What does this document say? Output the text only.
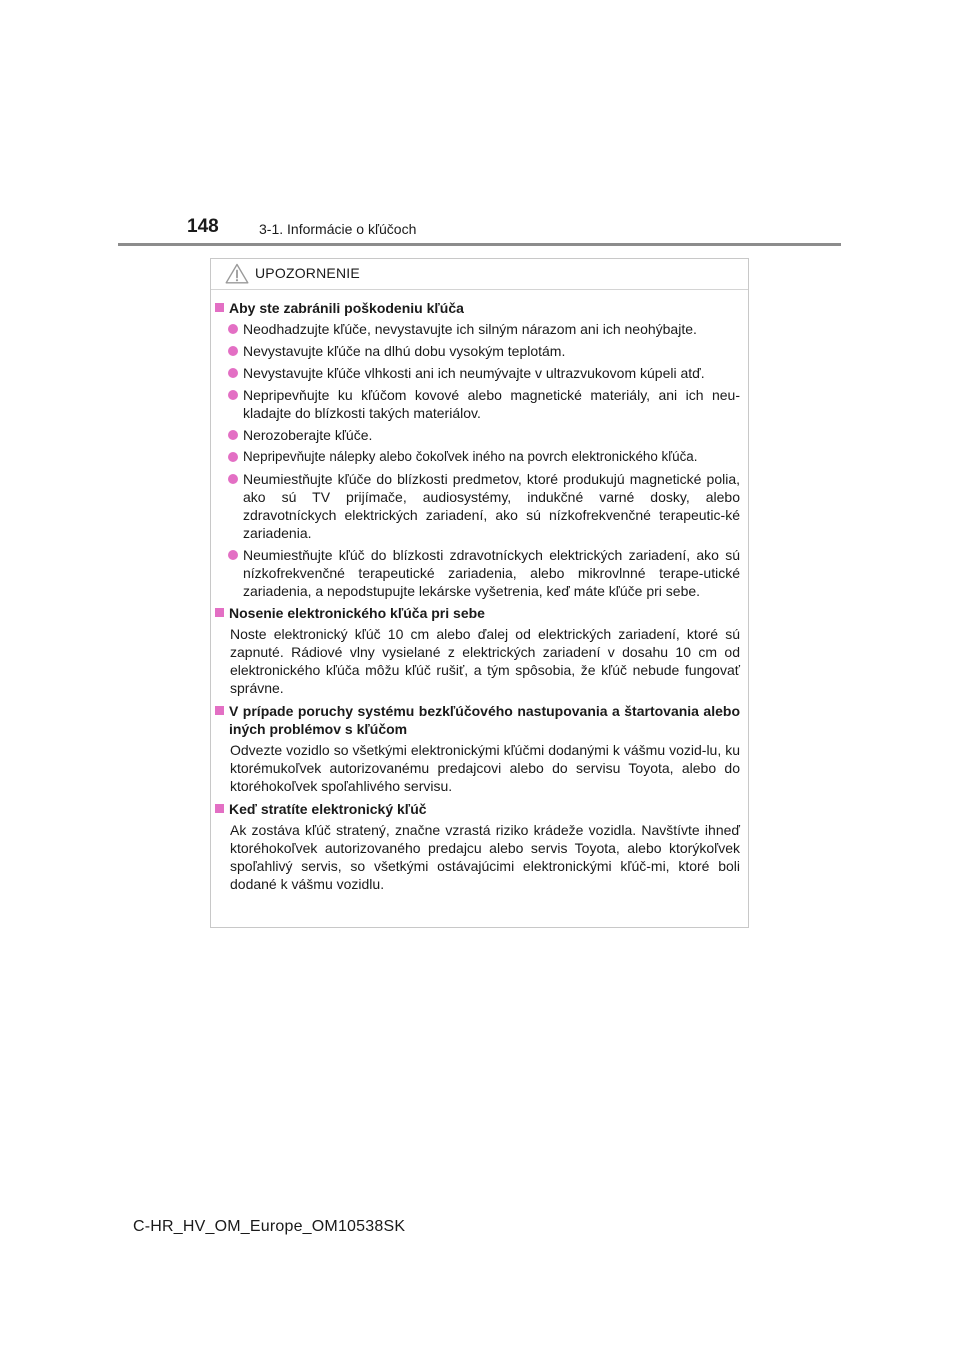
148	3-1. Informácie o kľúčoch
UPOZORNENIE
Aby ste zabránili poškodeniu kľúča
Neodhadzujte kľúče, nevystavujte ich silným nárazom ani ich neohýbajte.
Nevystavujte kľúče na dlhú dobu vysokým teplotám.
Nevystavujte kľúče vlhkosti ani ich neumývajte v ultrazvukovom kúpeli atď.
Nepripevňujte ku kľúčom kovové alebo magnetické materiály, ani ich neu-kladajte do blízkosti takých materiálov.
Nerozoberajte kľúče.
Nepripevňujte nálepky alebo čokoľvek iného na povrch elektronického kľúča.
Neumiestňujte kľúče do blízkosti predmetov, ktoré produkujú magnetické polia, ako sú TV prijímače, audiosystémy, indukčné varné dosky, alebo zdravotníckych elektrických zariadení, ako sú nízkofrekvenčné terapeutic-ké zariadenia.
Neumiestňujte kľúč do blízkosti zdravotníckych elektrických zariadení, ako sú nízkofrekvenčné terapeutické zariadenia, alebo mikrovlnné terape-utické zariadenia, a nepodstupujte lekárske vyšetrenia, keď máte kľúče pri sebe.
Nosenie elektronického kľúča pri sebe
Noste elektronický kľúč 10 cm alebo ďalej od elektrických zariadení, ktoré sú zapnuté. Rádiové vlny vysielané z elektrických zariadení v dosahu 10 cm od elektronického kľúča môžu kľúč rušiť, a tým spôsobia, že kľúč nebude fungovať správne.
V prípade poruchy systému bezkľúčového nastupovania a štartovania alebo iných problémov s kľúčom
Odvezte vozidlo so všetkými elektronickými kľúčmi dodanými k vášmu vozid-lu, ku ktorémukoľvek autorizovanému predajcovi alebo do servisu Toyota, alebo do ktoréhokoľvek spoľahlivého servisu.
Keď stratíte elektronický kľúč
Ak zostáva kľúč stratený, značne vzrastá riziko krádeže vozidla. Navštívte ihneď ktoréhokoľvek autorizovaného predajcu alebo servis Toyota, alebo ktorýkoľvek spoľahlivý servis, so všetkými ostávajúcimi elektronickými kľúč-mi, ktoré boli dodané k vášmu vozidlu.
C-HR_HV_OM_Europe_OM10538SK
